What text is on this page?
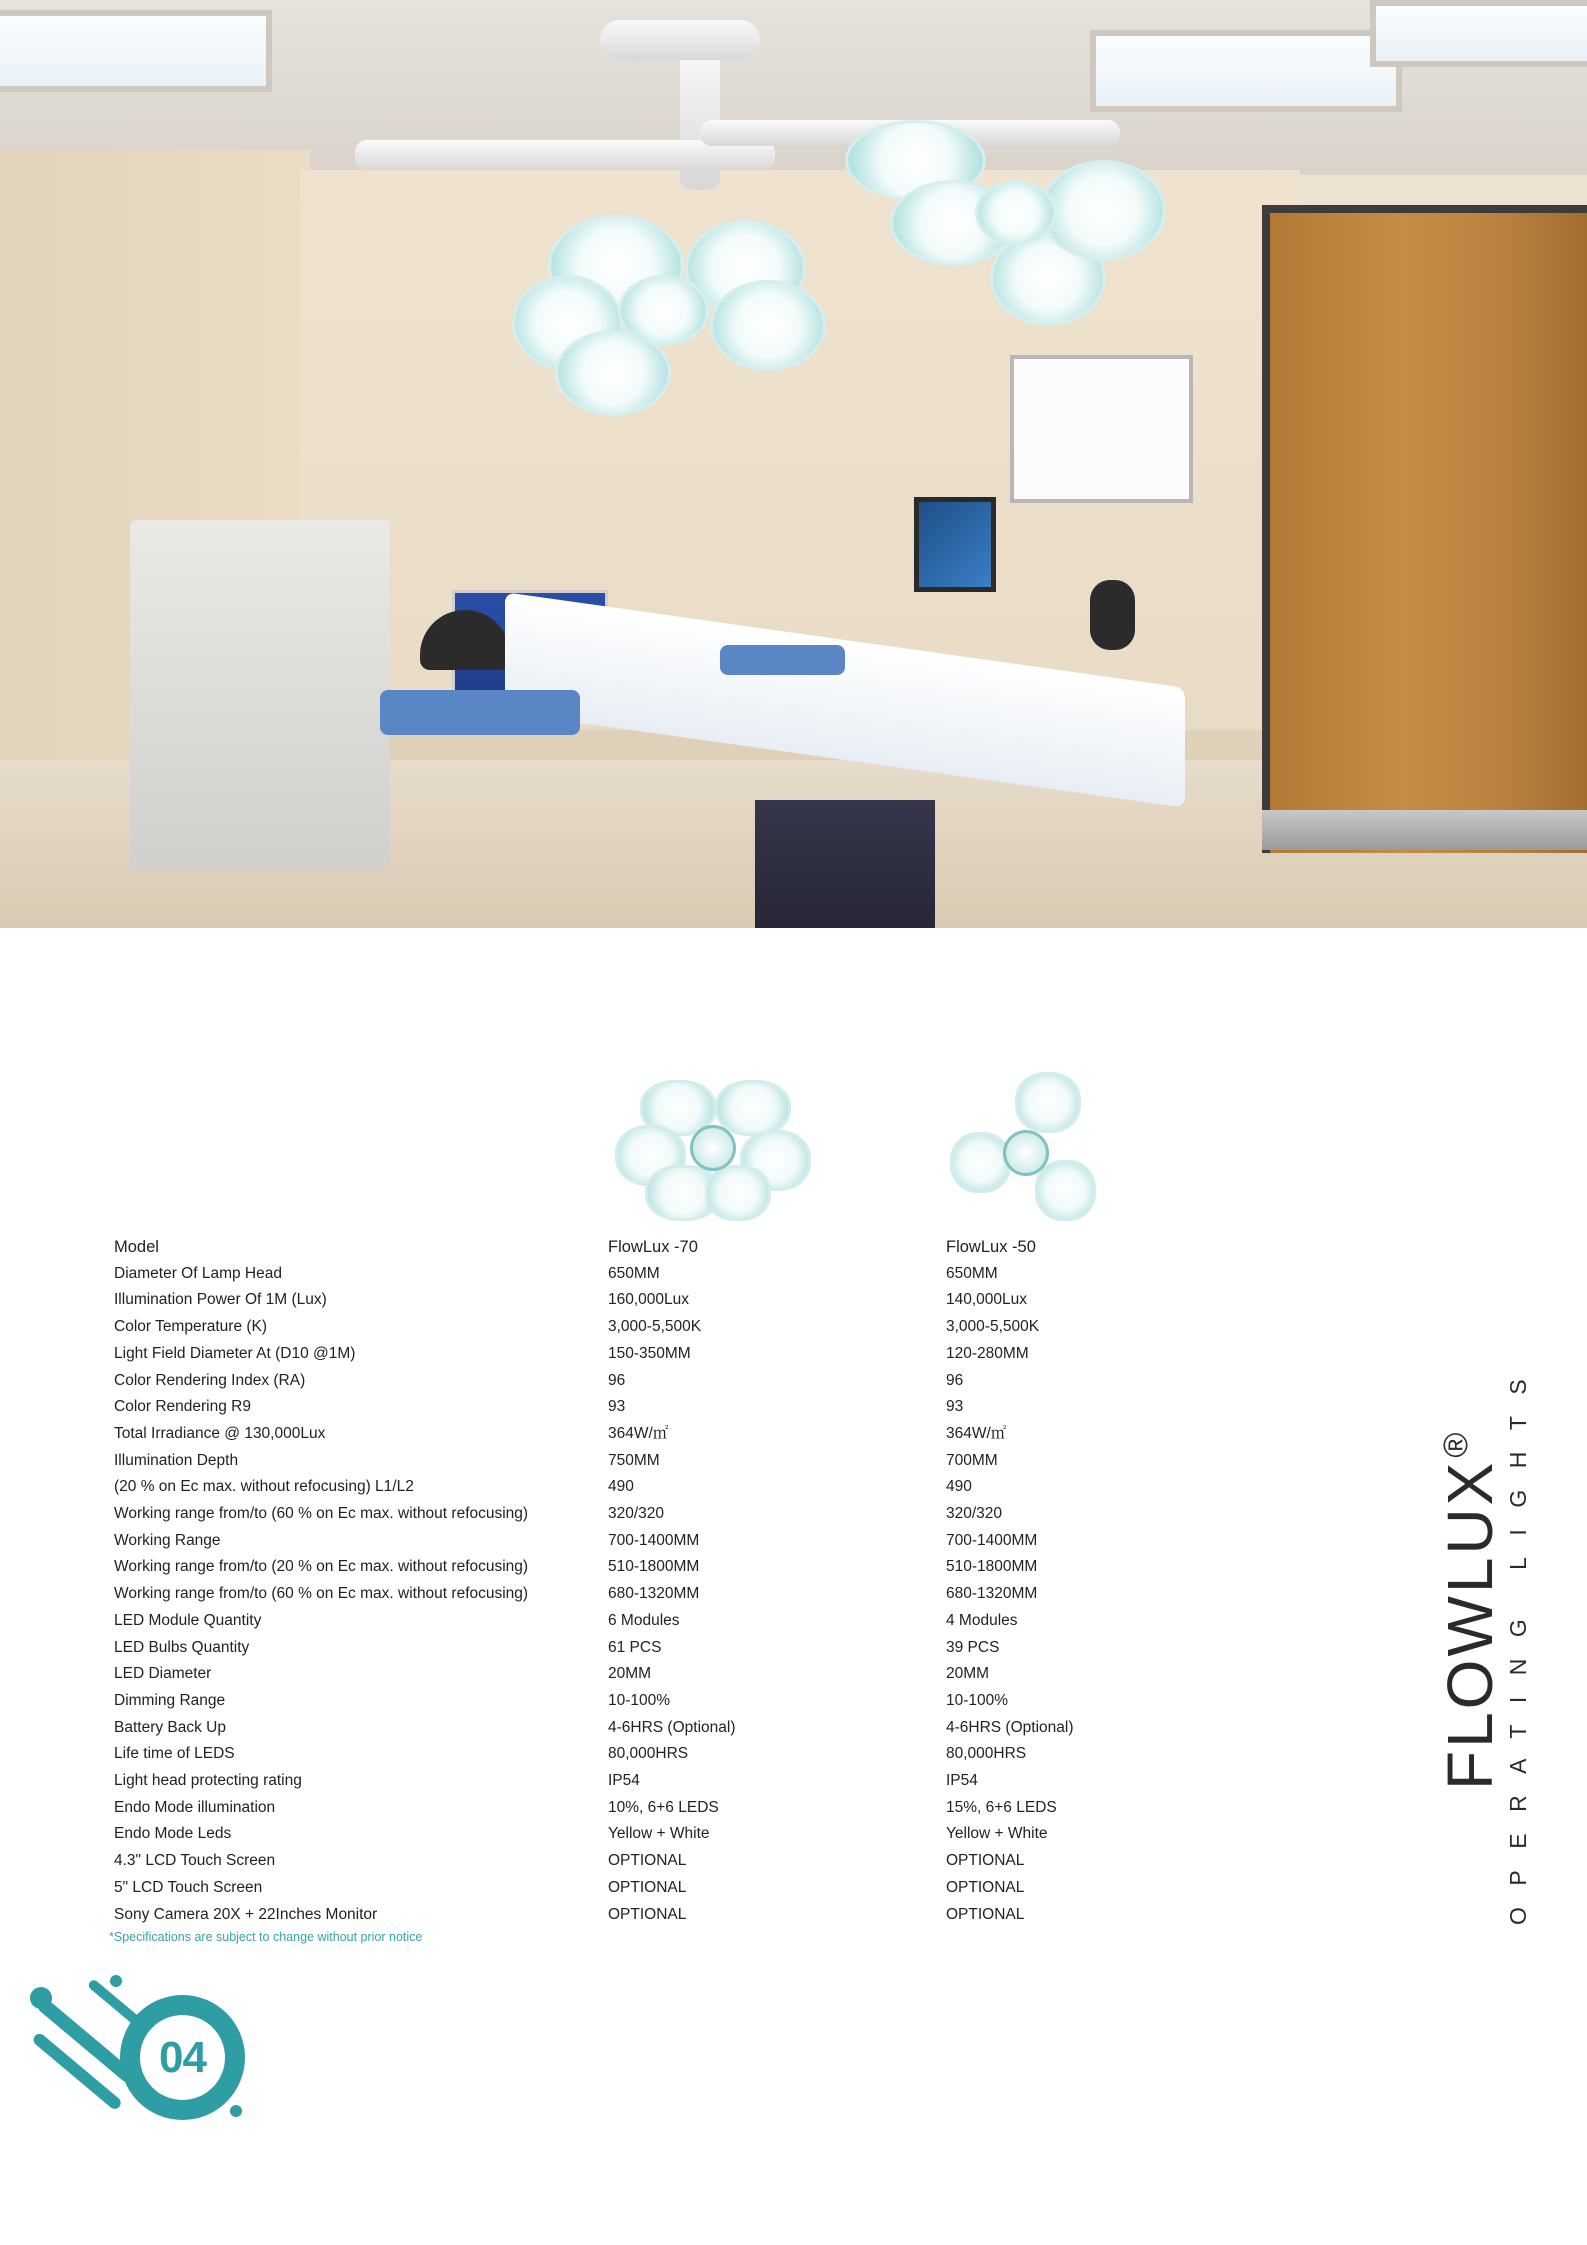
Model	FlowLux -70	FlowLux -50
Diameter Of Lamp Head	650MM	650MM
Illumination Power Of 1M (Lux)	160,000Lux	140,000Lux
Color Temperature (K)	3,000-5,500K	3,000-5,500K
Light Field Diameter At (D10 @1M)	150-350MM	120-280MM
Color Rendering Index (RA)	96	96
Color Rendering R9	93	93
Total Irradiance @ 130,000Lux	364W/㎡	364W/㎡
Illumination Depth	750MM	700MM
(20 % on Ec max. without refocusing) L1/L2	490	490
Working range from/to (60 % on Ec max. without refocusing)	320/320	320/320
Working Range	700-1400MM	700-1400MM
Working range from/to (20 % on Ec max. without refocusing)	510-1800MM	510-1800MM
Working range from/to (60 % on Ec max. without refocusing)	680-1320MM	680-1320MM
LED Module Quantity	6 Modules	4 Modules
LED Bulbs Quantity	61 PCS	39 PCS
LED Diameter	20MM	20MM
Dimming Range	10-100%	10-100%
Battery Back Up	4-6HRS (Optional)	4-6HRS (Optional)
Life time of LEDS	80,000HRS	80,000HRS
Light head protecting rating	IP54	IP54
Endo Mode illumination	10%, 6+6 LEDS	15%, 6+6 LEDS
Endo Mode Leds	Yellow + White	Yellow + White
4.3" LCD Touch Screen	OPTIONAL	OPTIONAL
5" LCD Touch Screen	OPTIONAL	OPTIONAL
Sony Camera 20X + 22Inches Monitor	OPTIONAL	OPTIONAL
*Specifications are subject to change without prior notice
FLOWLUX®	OPERATING LIGHTS
04
